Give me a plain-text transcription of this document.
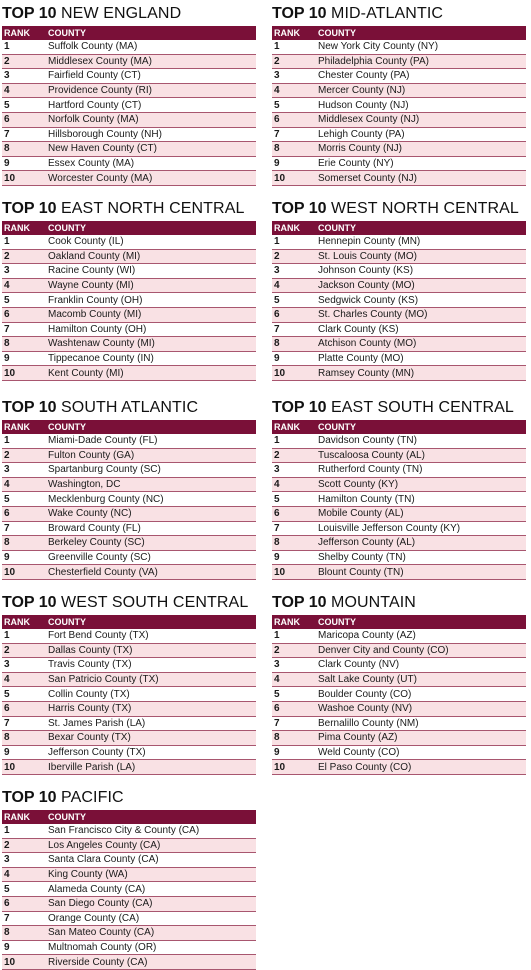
TOP 10 NEW ENGLAND
RANK	COUNTY
1	Suffolk County (MA)
2	Middlesex County (MA)
3	Fairfield County (CT)
4	Providence County (RI)
5	Hartford County (CT)
6	Norfolk County (MA)
7	Hillsborough County (NH)
8	New Haven County (CT)
9	Essex County (MA)
10	Worcester County (MA)
TOP 10 MID-ATLANTIC
RANK	COUNTY
1	New York City County (NY)
2	Philadelphia County (PA)
3	Chester County (PA)
4	Mercer County (NJ)
5	Hudson County (NJ)
6	Middlesex County (NJ)
7	Lehigh County (PA)
8	Morris County (NJ)
9	Erie County (NY)
10	Somerset County (NJ)
TOP 10 EAST NORTH CENTRAL
RANK	COUNTY
1	Cook County (IL)
2	Oakland County (MI)
3	Racine County (WI)
4	Wayne County (MI)
5	Franklin County (OH)
6	Macomb County (MI)
7	Hamilton County (OH)
8	Washtenaw County (MI)
9	Tippecanoe County (IN)
10	Kent County (MI)
TOP 10 WEST NORTH CENTRAL
RANK	COUNTY
1	Hennepin County (MN)
2	St. Louis County (MO)
3	Johnson County (KS)
4	Jackson County (MO)
5	Sedgwick County (KS)
6	St. Charles County (MO)
7	Clark County (KS)
8	Atchison County (MO)
9	Platte County (MO)
10	Ramsey County (MN)
TOP 10 SOUTH ATLANTIC
RANK	COUNTY
1	Miami-Dade County (FL)
2	Fulton County (GA)
3	Spartanburg County (SC)
4	Washington, DC
5	Mecklenburg County (NC)
6	Wake County (NC)
7	Broward County (FL)
8	Berkeley County (SC)
9	Greenville County (SC)
10	Chesterfield County (VA)
TOP 10 EAST SOUTH CENTRAL
RANK	COUNTY
1	Davidson County (TN)
2	Tuscaloosa County (AL)
3	Rutherford County (TN)
4	Scott County (KY)
5	Hamilton County (TN)
6	Mobile County (AL)
7	Louisville Jefferson County (KY)
8	Jefferson County (AL)
9	Shelby County (TN)
10	Blount County (TN)
TOP 10 WEST SOUTH CENTRAL
RANK	COUNTY
1	Fort Bend County (TX)
2	Dallas County (TX)
3	Travis County (TX)
4	San Patricio County (TX)
5	Collin County (TX)
6	Harris County (TX)
7	St. James Parish (LA)
8	Bexar County (TX)
9	Jefferson County (TX)
10	Iberville Parish (LA)
TOP 10 MOUNTAIN
RANK	COUNTY
1	Maricopa County (AZ)
2	Denver City and County (CO)
3	Clark County (NV)
4	Salt Lake County (UT)
5	Boulder County (CO)
6	Washoe County (NV)
7	Bernalillo County (NM)
8	Pima County (AZ)
9	Weld County (CO)
10	El Paso County (CO)
TOP 10 PACIFIC
RANK	COUNTY
1	San Francisco City & County (CA)
2	Los Angeles County (CA)
3	Santa Clara County (CA)
4	King County (WA)
5	Alameda County (CA)
6	San Diego County (CA)
7	Orange County (CA)
8	San Mateo County (CA)
9	Multnomah County (OR)
10	Riverside County (CA)
